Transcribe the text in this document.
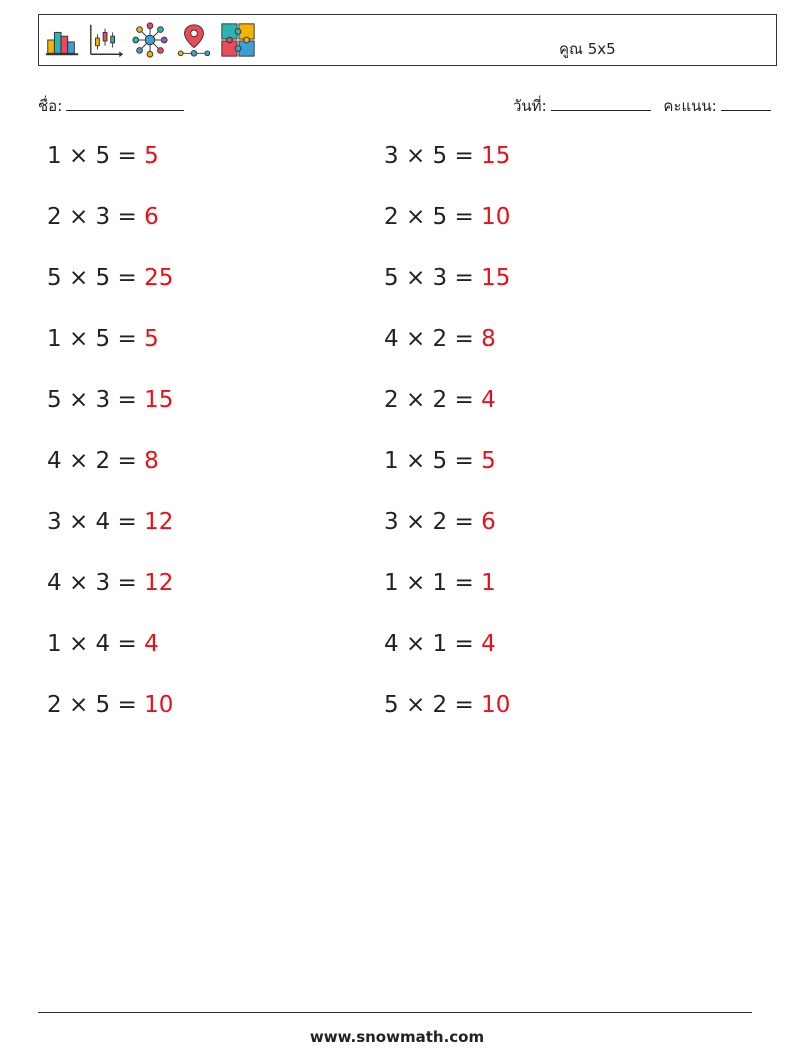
คูณ 5x5
ชื่อ:	วันที่:	คะแนน:
1 × 5 = 5	3 × 5 = 15
2 × 3 = 6	2 × 5 = 10
5 × 5 = 25	5 × 3 = 15
1 × 5 = 5	4 × 2 = 8
5 × 3 = 15	2 × 2 = 4
4 × 2 = 8	1 × 5 = 5
3 × 4 = 12	3 × 2 = 6
4 × 3 = 12	1 × 1 = 1
1 × 4 = 4	4 × 1 = 4
2 × 5 = 10	5 × 2 = 10
www.snowmath.com
